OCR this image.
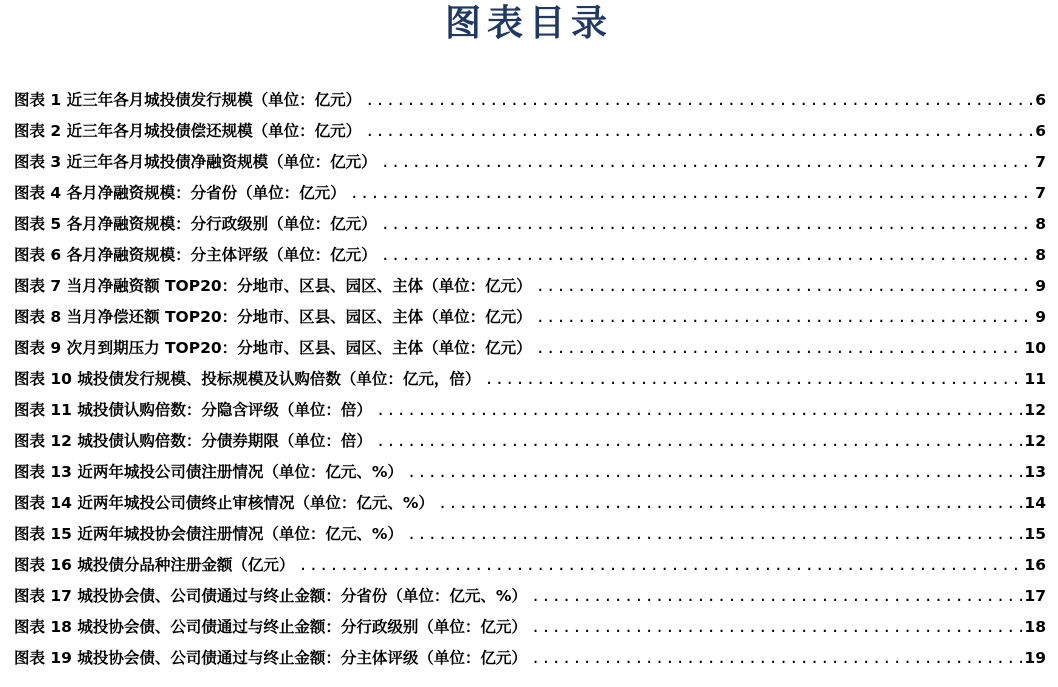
图表目录
图表 1 近三年各月城投债发行规模（单位：亿元） .....	6
图表 2 近三年各月城投债偿还规模（单位：亿元） .....	6
图表 3 近三年各月城投债净融资规模（单位：亿元） .....	7
图表 4 各月净融资规模：分省份（单位：亿元） .....	7
图表 5 各月净融资规模：分行政级别（单位：亿元） .....	8
图表 6 各月净融资规模：分主体评级（单位：亿元） .....	8
图表 7 当月净融资额 TOP20：分地市、区县、园区、主体（单位：亿元） .....	9
图表 8 当月净偿还额 TOP20：分地市、区县、园区、主体（单位：亿元） .....	9
图表 9 次月到期压力 TOP20：分地市、区县、园区、主体（单位：亿元） .....	10
图表 10 城投债发行规模、投标规模及认购倍数（单位：亿元，倍） .....	11
图表 11 城投债认购倍数：分隐含评级（单位：倍） .....	12
图表 12 城投债认购倍数：分债券期限（单位：倍） .....	12
图表 13 近两年城投公司债注册情况（单位：亿元、%） .....	13
图表 14 近两年城投公司债终止审核情况（单位：亿元、%） .....	14
图表 15 近两年城投协会债注册情况（单位：亿元、%） .....	15
图表 16 城投债分品种注册金额（亿元） .....	16
图表 17 城投协会债、公司债通过与终止金额：分省份（单位：亿元、%） .....	17
图表 18 城投协会债、公司债通过与终止金额：分行政级别（单位：亿元） .....	18
图表 19 城投协会债、公司债通过与终止金额：分主体评级（单位：亿元） .....	19
